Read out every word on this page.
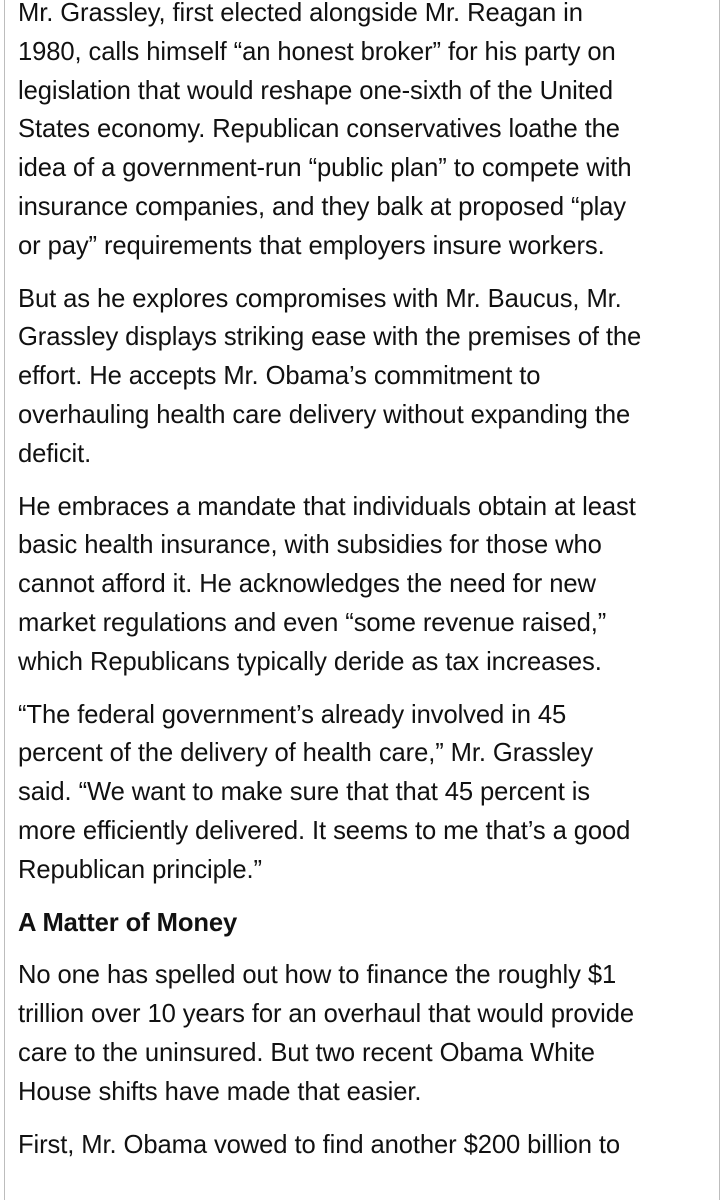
Mr. Grassley, first elected alongside Mr. Reagan in
1980, calls himself “an honest broker” for his party on
legislation that would reshape one-sixth of the United
States economy. Republican conservatives loathe the
idea of a government-run “public plan” to compete with
insurance companies, and they balk at proposed “play
or pay” requirements that employers insure workers.

But as he explores compromises with Mr. Baucus, Mr.
Grassley displays striking ease with the premises of the
effort. He accepts Mr. Obama’s commitment to
overhauling health care delivery without expanding the
deficit.

He embraces a mandate that individuals obtain at least
basic health insurance, with subsidies for those who
cannot afford it. He acknowledges the need for new
market regulations and even “some revenue raised,”
which Republicans typically deride as tax increases.

“The federal government’s already involved in 45
percent of the delivery of health care,” Mr. Grassley
said. “We want to make sure that that 45 percent is
more efficiently delivered. It seems to me that’s a good
Republican principle.”

A Matter of Money

No one has spelled out how to finance the roughly $1
trillion over 10 years for an overhaul that would provide
care to the uninsured. But two recent Obama White
House shifts have made that easier.

First, Mr. Obama vowed to find another $200 billion to
